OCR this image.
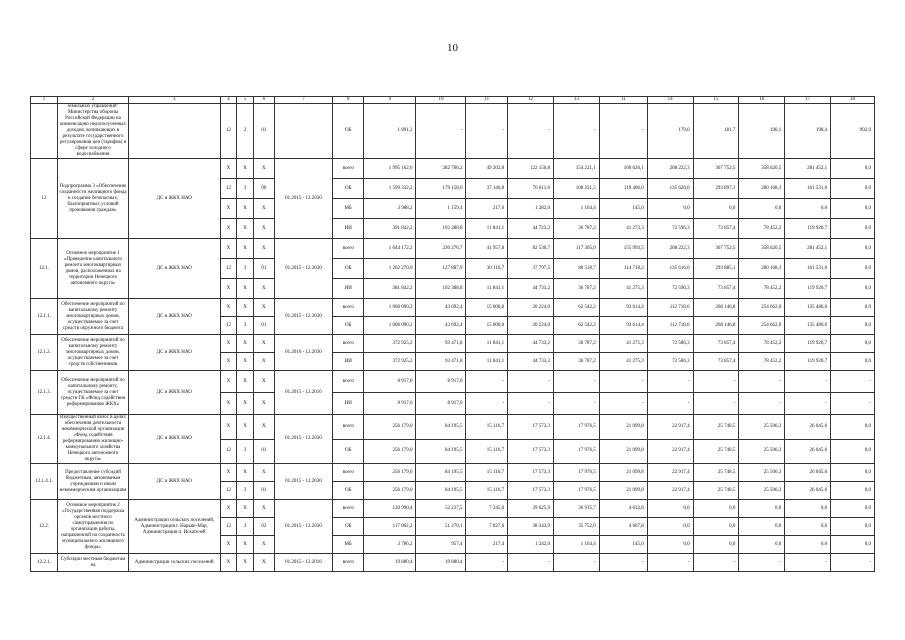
10
1	2	3	4	5	6	7	8	9	10	11	12	13	11	14	15	16	17	18
	земельных управлений" Министерства обороны Российской Федерации на компенсацию недополученных доходов, возникающих в результате государственного регулирования цен (тарифов) в сфере холодного водоснабжения		12	2	01		ОБ	1 891,2	-	-	-	-	-	179,0	181,7	190,1	198,4	992,0
12	Подпрограмма 3 «Обеспечение сохранности жилищного фонда и создание безопасных, благоприятных условий проживания граждан»	ДС и ЖКХ НАО	X	X	X	01.2015 - 12.2030	всего	1 995 162,6	282 706,2	49 202,8	122 156,8	154 221,1	160 626,1	208 222,3	367 752,5	358 620,5	281 452,1	0,0
			12	3	00		ОБ	1 599 332,2	179 158,0	37 146,8	76 611,6	108 251,5	119 406,0	135 626,0	293 897,1	280 168,3	161 531,6	0,0
			X	X	X		МБ	3 988,2	1 159,4	217,6	1 282,0	1 164,4	145,0	0,0	0,0	0,0	0,0	0,0
			X	X	X		ИИ	391 842,2	102 388,8	11 841,1	44 723,2	36 787,2	41 273,3	72 596,3	73 857,4	78 452,2	119 920,7	0,0
12.1.	Основное мероприятие 1 «Проведение капитального ремонта многоквартирных домов, расположенных на территории Ненецкого автономного округа»	ДС и ЖКХ НАО	X	X	X	01.2015 - 12.2030	всего	1 644 172,2	230 276,7	41 957,8	82 530,7	117 305,9	155 993,5	208 222,3	367 752,5	358 620,5	281 452,1	0,0
			12	3	01		ОБ	1 262 270,0	127 887,9	30 116,7	37 797,5	80 518,7	114 718,2	135 616,0	293 885,1	280 168,3	161 531,6	0,0
			X	X	X		ИИ	381 842,2	102 388,8	11 841,1	44 733,2	36 787,2	41 275,3	72 596,3	73 857,4	78 452,2	119 920,7	0,0
12.1.1.	Обеспечение мероприятий по капитальному ремонту многоквартирных домов, осуществляемое за счет средств окружного бюджета	ДС и ЖКХ НАО	X	X	X	01.2015 - 12.2030	всего	1 006 090,2	43 692,4	15 000,0	20 224,0	62 542,2	93 614,4	112 718,6	268 146,8	254 662,0	135 486,0	0,0
			12	3	01		ОБ	1 006 090,2	43 692,4	15 000,0	20 224,0	62 542,2	93 614,4	112 718,6	268 146,8	254 662,0	135 486,0	0,0
12.1.2.	Обеспечение мероприятий по капитальному ремонту многоквартирных домов, осуществляемое за счет средств собственников	ДС и ЖКХ НАО	X	X	X	01.2016 - 12.2030	всего	372 925,2	93 471,8	11 841,1	44 733,2	36 787,2	41 275,3	72 586,3	73 857,4	78 452,2	119 920,7	0,0
			X	X	X		ИИ	372 925,2	93 471,8	11 841,1	44 733,2	36 787,2	41 275,3	72 586,3	73 857,4	78 452,2	119 920,7	0,0
12.1.3.	Обеспечение мероприятий по капитальному ремонту, осуществляемое за счет средств ГК «Фонд содействия реформированию ЖКХ»	ДС и ЖКХ НАО	X	X	X	01.2015 - 12.2016	всего	8 917,0	8 917,0	-	-	-	-	-	-	-	-	-
			X	X	X		ИИ	8 917,0	8 917,0	-	-	-	-	-	-	-	-	-
12.1.4.	Имущественный взнос в целях обеспечения деятельности некоммерческой организации «Фонд содействия реформированию жилищно-коммунального хозяйства Ненецкого автономного округа»	ДС и ЖКХ НАО	X	X	X	01.2015 - 12.2030	всего	256 179,0	84 195,5	15 116,7	17 573,3	17 976,5	21 099,8	22 917,4	25 748,5	25 506,3	26 045,6	0,0
			12	3	01		ОБ	256 179,0	84 195,5	15 116,7	17 573,3	17 976,5	21 099,8	22 917,4	25 748,5	25 506,3	26 045,6	0,0
12.1.4.1.	Предоставление субсидий бюджетным, автономным учреждениям и иным некоммерческим организациям	ДС и ЖКХ НАО	X	X	X	01.2015 - 12.2030	всего	256 179,0	84 195,5	15 116,7	17 573,3	17 976,5	21 099,8	22 917,4	25 748,5	25 506,3	26 045,6	0,0
			12	3	01		ОБ	256 179,0	84 195,5	15 116,7	17 573,3	17 976,5	21 099,8	22 917,4	25 748,5	25 506,3	26 045,6	0,0
12.2.	Основное мероприятие 2 «Государственная поддержка органов местного самоуправления по организации работы, направленной на сохранность муниципального жилищного фонда»	Администрации сельских поселений, Администрация г. Нарьян-Мар, Администрация п. Искателей	X	X	X	01.2015 - 12.2030	всего	120 990,4	52 227,5	7 245,0	39 625,9	36 915,7	4 632,8	0,0	0,0	0,0	0,0	0,0
			12	3	02		ОБ	117 062,2	51 270,1	7 027,6	38 343,9	35 752,0	4 667,8	0,0	0,0	0,0	0,0	0,0
			X	X	X		МБ	3 786,2	957,4	217,4	1 242,0	1 164,4	145,0	0,0	0,0	0,0	0,0	0,0
12.2.1.	Субсидии местным бюджетам на	Администрации сельских поселений	X	X	X	01.2015 - 12.2016	всего	19 880,4	19 880,4	-	-	-	-	-	-	-	-	-
